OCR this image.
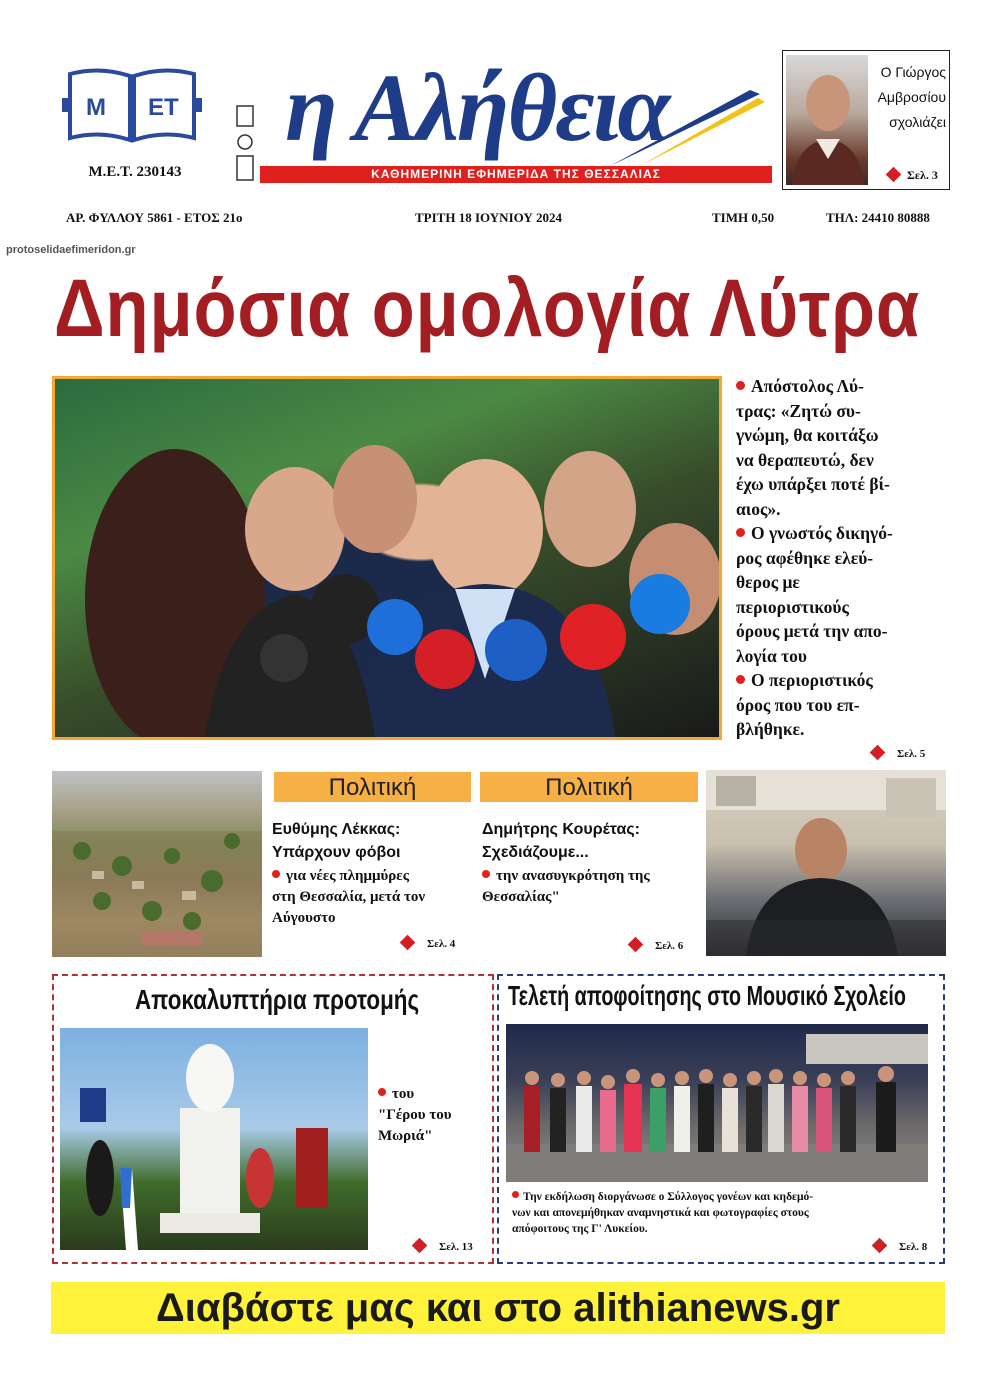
Μ ΕΤ
Μ.Ε.Τ. 230143
η Αλήθεια
ΚΑΘΗΜΕΡΙΝΗ ΕΦΗΜΕΡΙΔΑ ΤΗΣ ΘΕΣΣΑΛΙΑΣ
Ο Γιώργος
Αμβροσίου
σχολιάζει
Σελ. 3
ΑΡ. ΦΥΛΛΟΥ 5861 - ΕΤΟΣ 21ο	ΤΡΙΤΗ 18 ΙΟΥΝΙΟΥ 2024	ΤΙΜΗ 0,50	ΤΗΛ: 24410 80888
protoselidaefimeridon.gr
Δημόσια ομολογία Λύτρα
Απόστολος Λύ-
τρας: «Ζητώ συ-
γνώμη, θα κοιτάξω
να θεραπευτώ, δεν
έχω υπάρξει ποτέ βί-
αιος».
Ο γνωστός δικηγό-
ρος αφέθηκε ελεύ-
θερος με
περιοριστικούς
όρους μετά την απο-
λογία του
Ο περιοριστικός
όρος που του επ-
βλήθηκε.
Σελ. 5
Πολιτική
Ευθύμης Λέκκας:
Υπάρχουν φόβοι
για νέες πλημμύρες
στη Θεσσαλία, μετά τον
Αύγουστο
Σελ. 4
Πολιτική
Δημήτρης Κουρέτας:
Σχεδιάζουμε...
την ανασυγκρότηση της
Θεσσαλίας"
Σελ. 6
Αποκαλυπτήρια προτομής
του
"Γέρου του
Μωριά"
Σελ. 13
Τελετή αποφοίτησης στο Μουσικό Σχολείο
Την εκδήλωση διοργάνωσε ο Σύλλογος γονέων και κηδεμό-
νων και απονεμήθηκαν αναμνηστικά και φωτογραφίες στους
απόφοιτους της Γ' Λυκείου.
Σελ. 8
Διαβάστε μας και στο alithianews.gr
